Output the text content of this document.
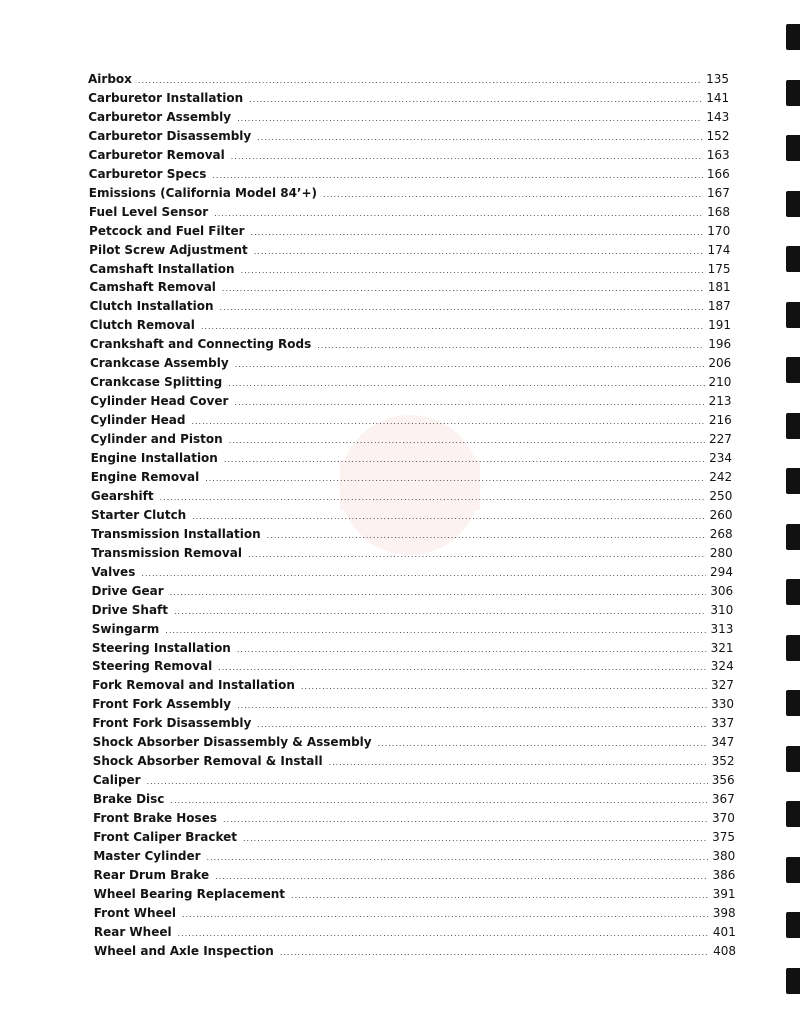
Airbox .....	135
Carburetor Installation .....	141
Carburetor Assembly .....	143
Carburetor Disassembly .....	152
Carburetor Removal .....	163
Carburetor Specs .....	166
Emissions (California Model 84’+) .....	167
Fuel Level Sensor .....	168
Petcock and Fuel Filter .....	170
Pilot Screw Adjustment .....	174
Camshaft Installation .....	175
Camshaft Removal .....	181
Clutch Installation .....	187
Clutch Removal .....	191
Crankshaft and Connecting Rods .....	196
Crankcase Assembly .....	206
Crankcase Splitting .....	210
Cylinder Head Cover .....	213
Cylinder Head .....	216
Cylinder and Piston .....	227
Engine Installation .....	234
Engine Removal .....	242
Gearshift .....	250
Starter Clutch .....	260
Transmission Installation .....	268
Transmission Removal .....	280
Valves .....	294
Drive Gear .....	306
Drive Shaft .....	310
Swingarm .....	313
Steering Installation .....	321
Steering Removal .....	324
Fork Removal and Installation .....	327
Front Fork Assembly .....	330
Front Fork Disassembly .....	337
Shock Absorber Disassembly & Assembly .....	347
Shock Absorber Removal & Install .....	352
Caliper .....	356
Brake Disc .....	367
Front Brake Hoses .....	370
Front Caliper Bracket .....	375
Master Cylinder .....	380
Rear Drum Brake .....	386
Wheel Bearing Replacement .....	391
Front Wheel .....	398
Rear Wheel .....	401
Wheel and Axle Inspection .....	408
